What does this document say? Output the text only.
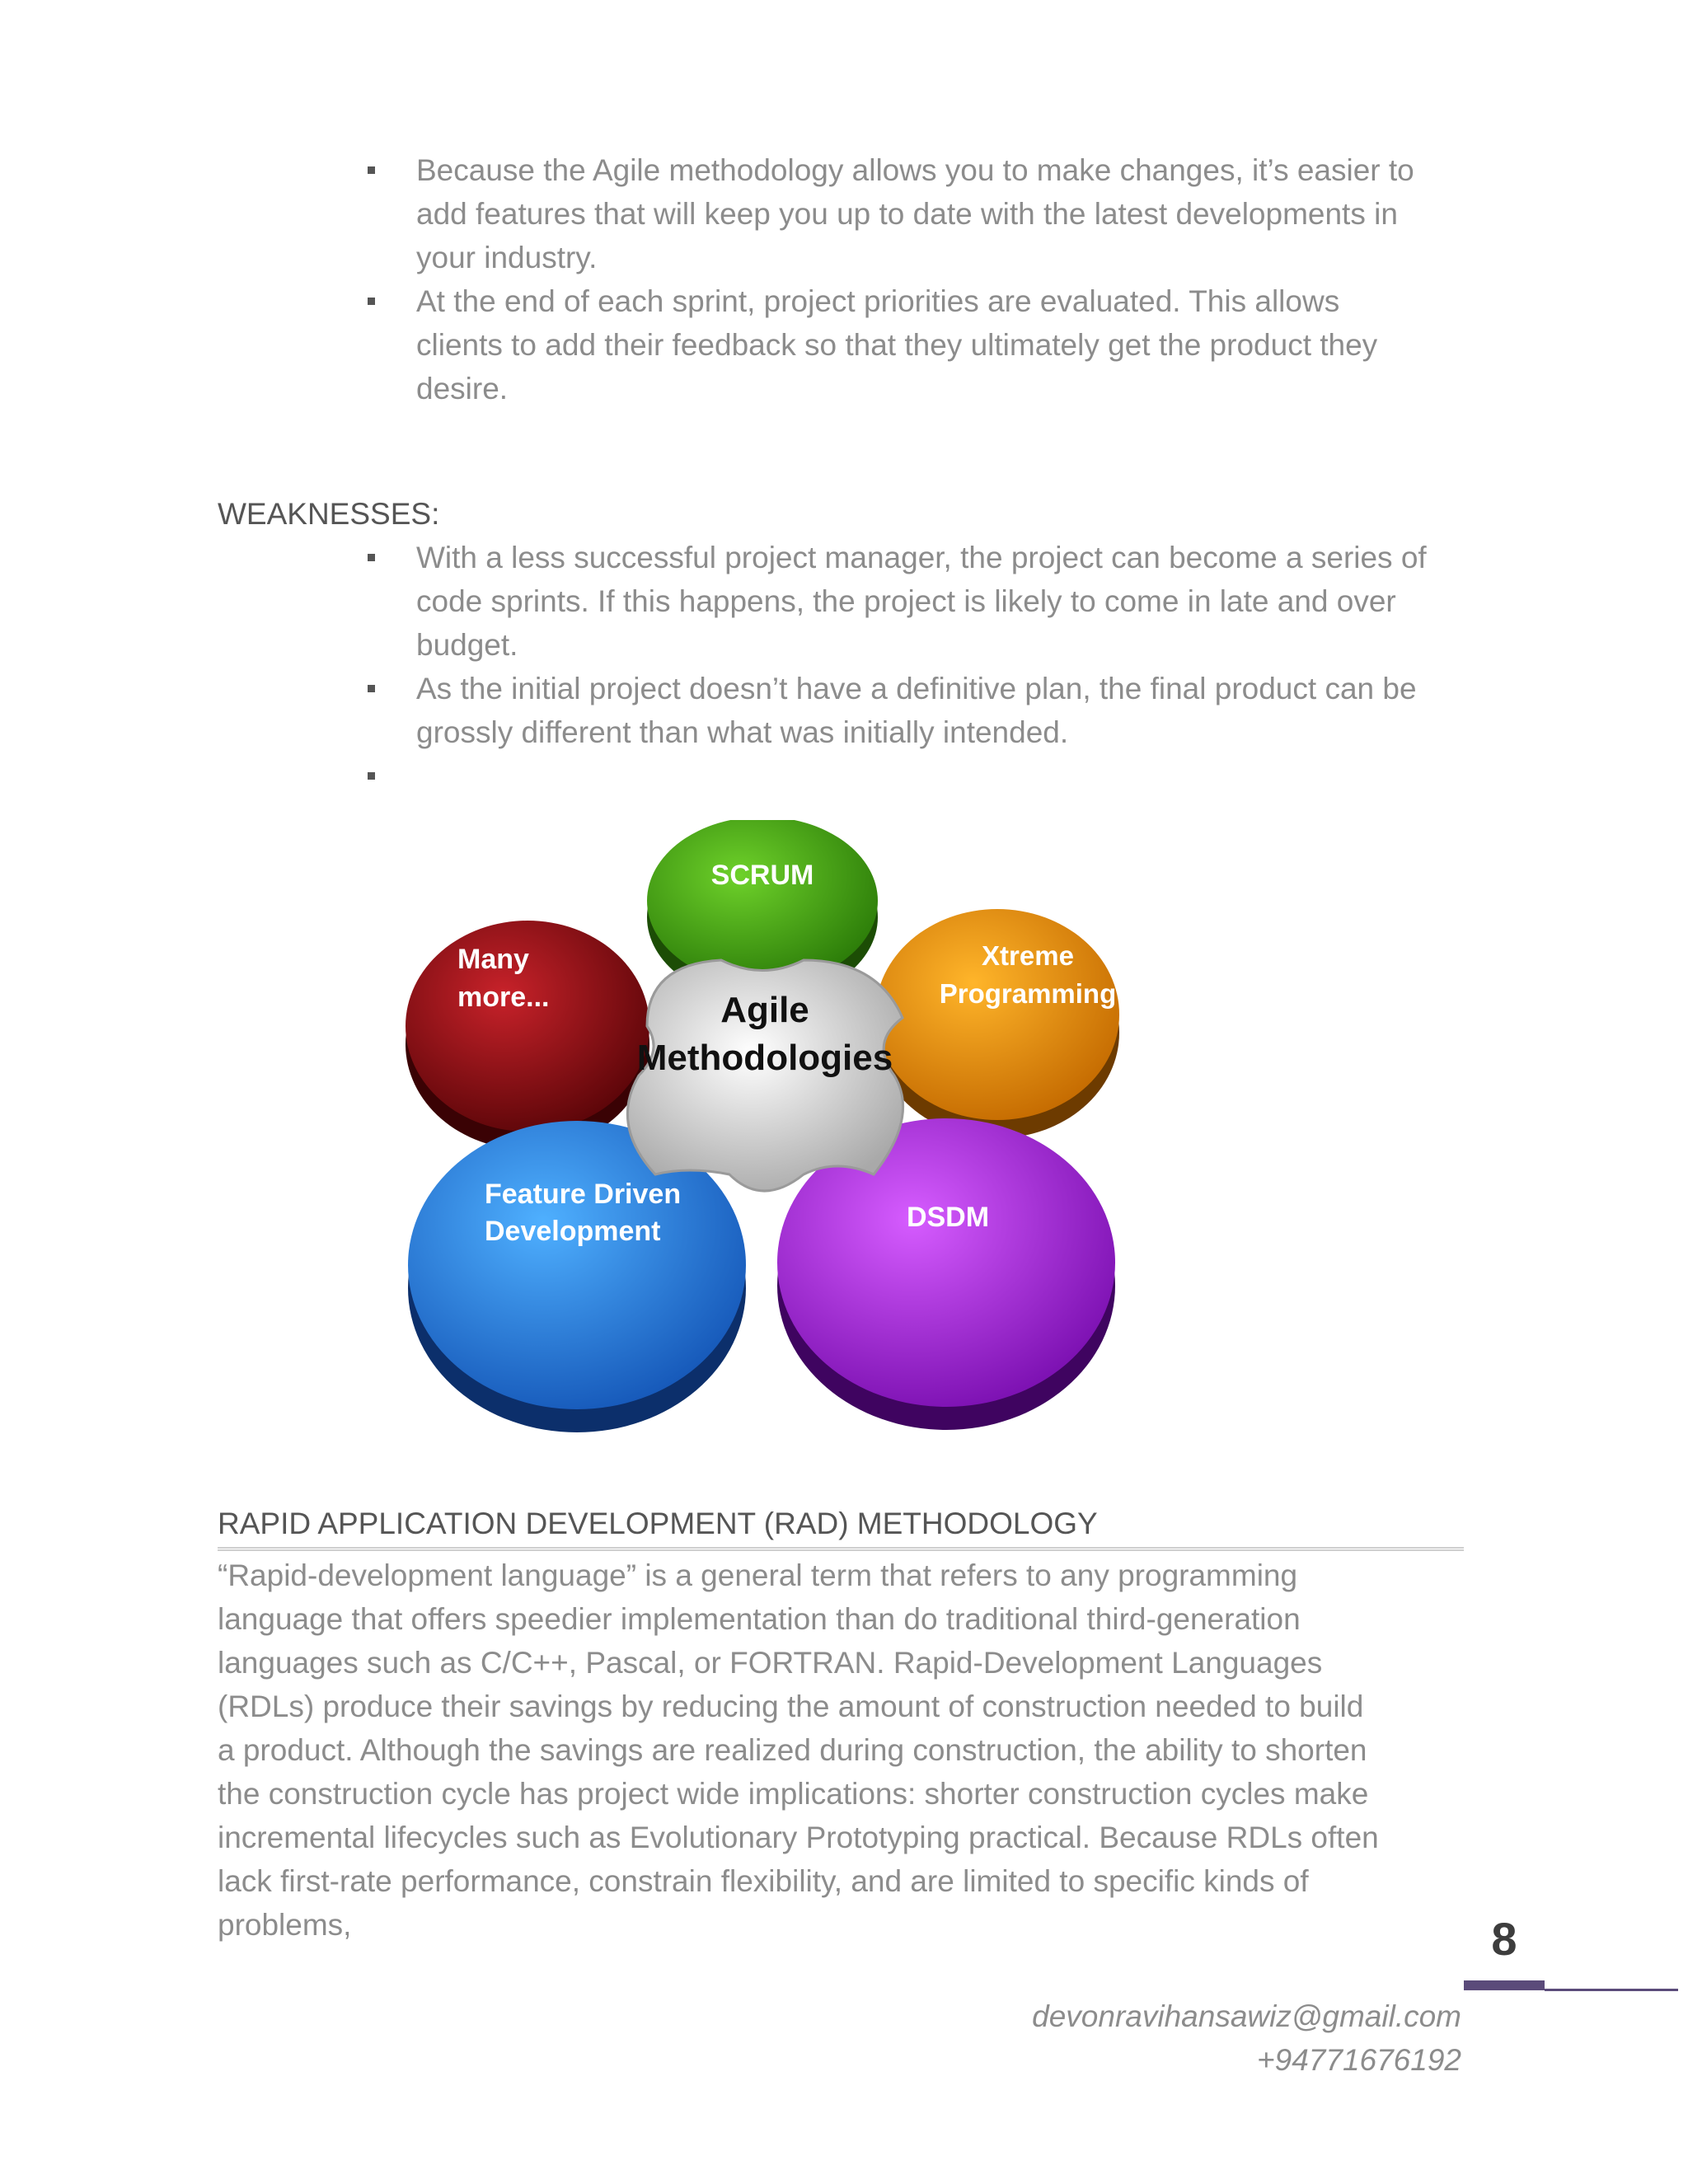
Because the Agile methodology allows you to make changes, it’s easier to add features that will keep you up to date with the latest developments in your industry.
At the end of each sprint, project priorities are evaluated. This allows clients to add their feedback so that they ultimately get the product they desire.
WEAKNESSES:
With a less successful project manager, the project can become a series of code sprints. If this happens, the project is likely to come in late and over budget.
As the initial project doesn’t have a definitive plan, the final product can be grossly different than what was initially intended.
SCRUM
Xtreme
Programming
Many
more...
Feature Driven
Development	DSDM
Agile
Methodologies
RAPID APPLICATION DEVELOPMENT (RAD) METHODOLOGY

“Rapid-development language” is a general term that refers to any programming language that offers speedier implementation than do traditional third-generation languages such as C/C++, Pascal, or FORTRAN. Rapid-Development Languages (RDLs) produce their savings by reducing the amount of construction needed to build a product. Although the savings are realized during construction, the ability to shorten the construction cycle has project wide implications: shorter construction cycles make incremental lifecycles such as Evolutionary Prototyping practical. Because RDLs often lack first-rate performance, constrain flexibility, and are limited to specific kinds of problems,	8
devonravihansawiz@gmail.com
+94771676192
